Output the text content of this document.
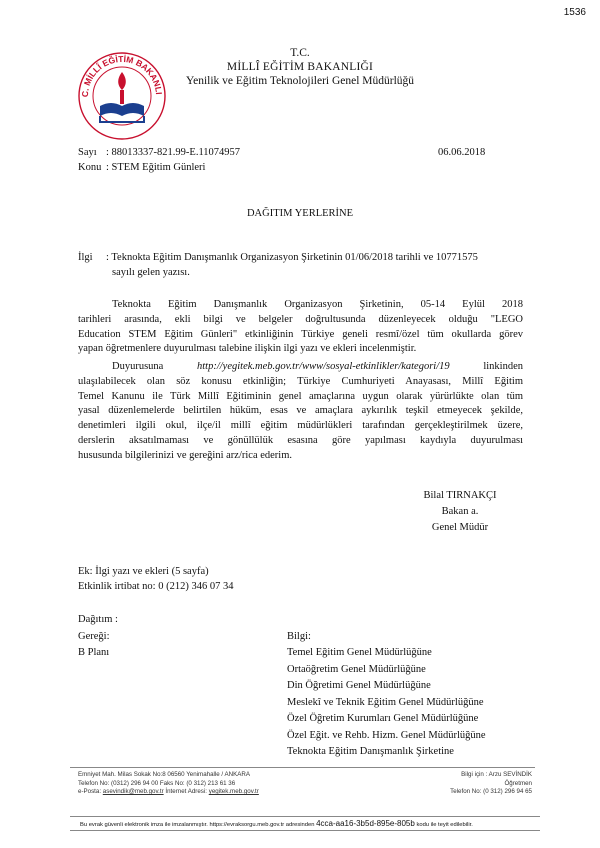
1536
C. MİLLÎ EĞİTİM BAKANLI
T.C.
MİLLÎ EĞİTİM BAKANLIĞI
Yenilik ve Eğitim Teknolojileri Genel Müdürlüğü
Sayı : 88013337-821.99-E.11074957	06.06.2018
Konu : STEM Eğitim Günleri
DAĞITIM YERLERİNE
İlgi : Teknokta Eğitim Danışmanlık Organizasyon Şirketinin 01/06/2018 tarihli ve 10771575
sayılı gelen yazısı.
Teknokta Eğitim Danışmanlık Organizasyon Şirketinin, 05-14 Eylül 2018
tarihleri arasında, ekli bilgi ve belgeler doğrultusunda düzenleyecek olduğu "LEGO
Education STEM Eğitim Günleri" etkinliğinin Türkiye geneli resmî/özel tüm okullarda görev
yapan öğretmenlere duyurulması talebine ilişkin ilgi yazı ve ekleri incelenmiştir.
Duyurusuna	http://yegitek.meb.gov.tr/www/sosyal-etkinlikler/kategori/19	linkinden
ulaşılabilecek olan söz konusu etkinliğin; Türkiye Cumhuriyeti Anayasası, Millî Eğitim
Temel Kanunu ile Türk Millî Eğitiminin genel amaçlarına uygun olarak yürürlükte olan tüm
yasal düzenlemelerde belirtilen hüküm, esas ve amaçlara aykırılık teşkil etmeyecek şekilde,
denetimleri ilgili okul, ilçe/il millî eğitim müdürlükleri tarafından gerçekleştirilmek üzere,
derslerin aksatılmaması ve gönüllülük esasına göre yapılması kaydıyla duyurulması
hususunda bilgilerinizi ve gereğini arz/rica ederim.
Bilal TIRNAKÇI
Bakan a.
Genel Müdür
Ek: İlgi yazı ve ekleri (5 sayfa)
Etkinlik irtibat no: 0 (212) 346 07 34
Dağıtım :
Gereği:
B Planı
Bilgi:
Temel Eğitim Genel Müdürlüğüne
Ortaöğretim Genel Müdürlüğüne
Din Öğretimi Genel Müdürlüğüne
Meslekî ve Teknik Eğitim Genel Müdürlüğüne
Özel Öğretim Kurumları Genel Müdürlüğüne
Özel Eğit. ve Rehb. Hizm. Genel Müdürlüğüne
Teknokta Eğitim Danışmanlık Şirketine
Emniyet Mah. Milas Sokak No:8 06560 Yenimahalle / ANKARA
Telefon No: (0312) 296 94 00 Faks No: (0 312) 213 61 36
e-Posta: asevindik@meb.gov.tr İnternet Adresi: yegitek.meb.gov.tr
Bilgi için : Arzu SEVİNDİK
Öğretmen
Telefon No: (0 312) 296 94 65
Bu evrak güvenli elektronik imza ile imzalanmıştır. https://evraksorgu.meb.gov.tr adresinden 4cca-aa16-3b5d-895e-805b kodu ile teyit edilebilir.
